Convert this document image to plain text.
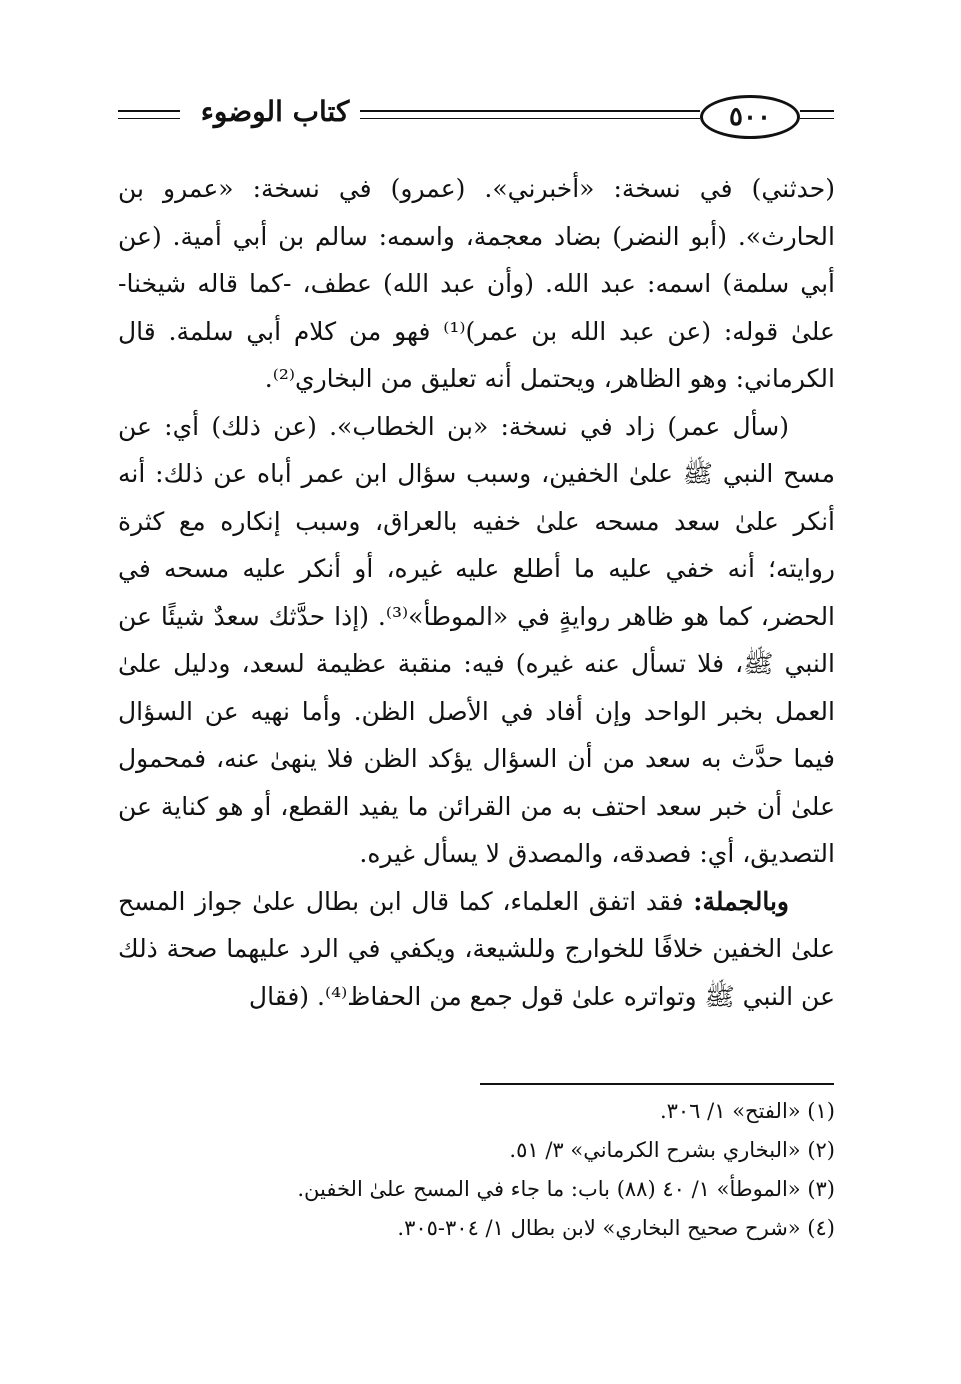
كتاب الوضوء	٥٠٠

(حدثني) في نسخة: «أخبرني». (عمرو) في نسخة: «عمرو بن الحارث». (أبو النضر) بضاد معجمة، واسمه: سالم بن أبي أمية. (عن أبي سلمة) اسمه: عبد الله. (وأن عبد الله) عطف، -كما قاله شيخنا- علىٰ قوله: (عن عبد الله بن عمر)⁽¹⁾ فهو من كلام أبي سلمة. قال الكرماني: وهو الظاهر، ويحتمل أنه تعليق من البخاري⁽²⁾.

(سأل عمر) زاد في نسخة: «بن الخطاب». (عن ذلك) أي: عن مسح النبي ﷺ علىٰ الخفين، وسبب سؤال ابن عمر أباه عن ذلك: أنه أنكر علىٰ سعد مسحه علىٰ خفيه بالعراق، وسبب إنكاره مع كثرة روايته؛ أنه خفي عليه ما أطلع عليه غيره، أو أنكر عليه مسحه في الحضر، كما هو ظاهر روايةٍ في «الموطأ»⁽³⁾. (إذا حدَّثك سعدٌ شيئًا عن النبي ﷺ، فلا تسأل عنه غيره) فيه: منقبة عظيمة لسعد، ودليل علىٰ العمل بخبر الواحد وإن أفاد في الأصل الظن. وأما نهيه عن السؤال فيما حدَّث به سعد من أن السؤال يؤكد الظن فلا ينهىٰ عنه، فمحمول علىٰ أن خبر سعد احتف به من القرائن ما يفيد القطع، أو هو كناية عن التصديق، أي: فصدقه، والمصدق لا يسأل غيره.

وبالجملة: فقد اتفق العلماء، كما قال ابن بطال علىٰ جواز المسح علىٰ الخفين خلافًا للخوارج وللشيعة، ويكفي في الرد عليهما صحة ذلك عن النبي ﷺ وتواتره علىٰ قول جمع من الحفاظ⁽⁴⁾. (فقال

(١) «الفتح» ١/ ٣٠٦.
(٢) «البخاري بشرح الكرماني» ٣/ ٥١.
(٣) «الموطأ» ١/ ٤٠ (٨٨) باب: ما جاء في المسح علىٰ الخفين.
(٤) «شرح صحيح البخاري» لابن بطال ١/ ٣٠٤-٣٠٥.
